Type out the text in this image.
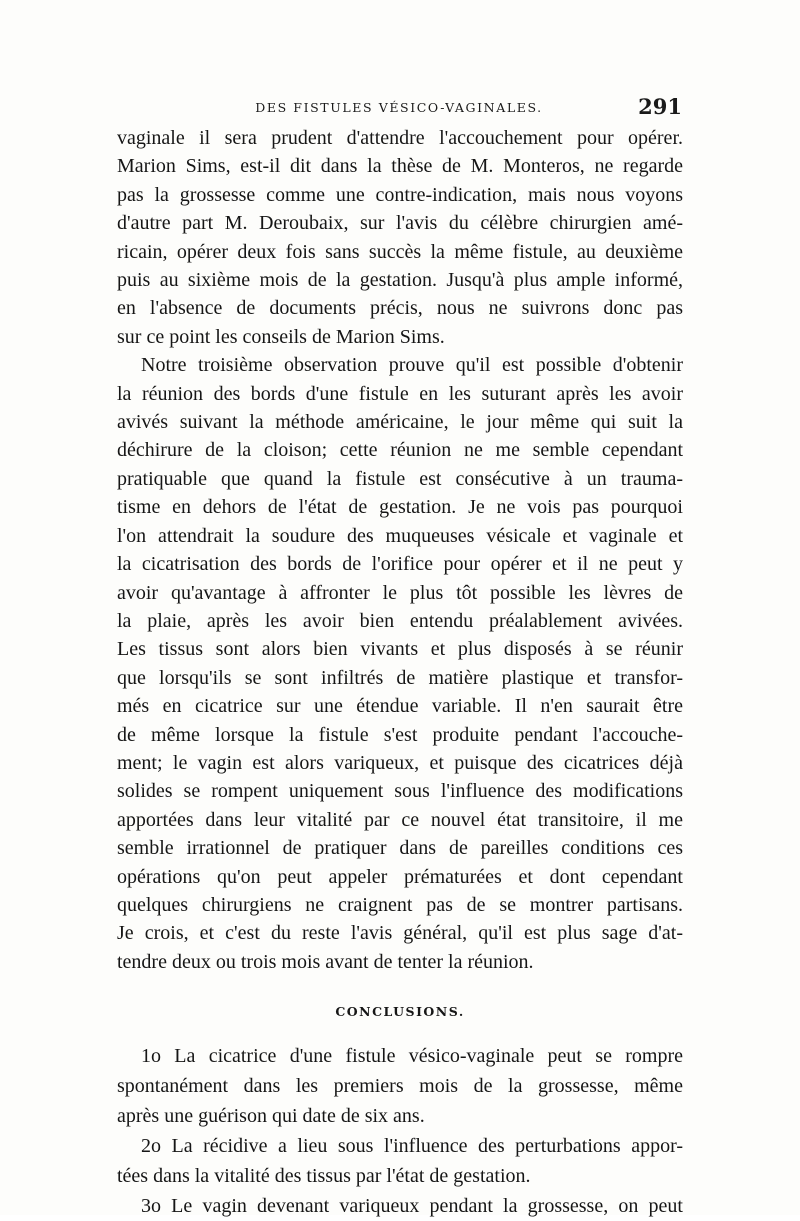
DES FISTULES VÉSICO-VAGINALES.	291
vaginale il sera prudent d'attendre l'accouchement pour opérer.
Marion Sims, est-il dit dans la thèse de M. Monteros, ne regarde
pas la grossesse comme une contre-indication, mais nous voyons
d'autre part M. Deroubaix, sur l'avis du célèbre chirurgien amé-
ricain, opérer deux fois sans succès la même fistule, au deuxième
puis au sixième mois de la gestation. Jusqu'à plus ample informé,
en l'absence de documents précis, nous ne suivrons donc pas
sur ce point les conseils de Marion Sims.
Notre troisième observation prouve qu'il est possible d'obtenir
la réunion des bords d'une fistule en les suturant après les avoir
avivés suivant la méthode américaine, le jour même qui suit la
déchirure de la cloison; cette réunion ne me semble cependant
pratiquable que quand la fistule est consécutive à un trauma-
tisme en dehors de l'état de gestation. Je ne vois pas pourquoi
l'on attendrait la soudure des muqueuses vésicale et vaginale et
la cicatrisation des bords de l'orifice pour opérer et il ne peut y
avoir qu'avantage à affronter le plus tôt possible les lèvres de
la plaie, après les avoir bien entendu préalablement avivées.
Les tissus sont alors bien vivants et plus disposés à se réunir
que lorsqu'ils se sont infiltrés de matière plastique et transfor-
més en cicatrice sur une étendue variable. Il n'en saurait être
de même lorsque la fistule s'est produite pendant l'accouche-
ment; le vagin est alors variqueux, et puisque des cicatrices déjà
solides se rompent uniquement sous l'influence des modifications
apportées dans leur vitalité par ce nouvel état transitoire, il me
semble irrationnel de pratiquer dans de pareilles conditions ces
opérations qu'on peut appeler prématurées et dont cependant
quelques chirurgiens ne craignent pas de se montrer partisans.
Je crois, et c'est du reste l'avis général, qu'il est plus sage d'at-
tendre deux ou trois mois avant de tenter la réunion.
CONCLUSIONS.
1o La cicatrice d'une fistule vésico-vaginale peut se rompre
spontanément dans les premiers mois de la grossesse, même
après une guérison qui date de six ans.
2o La récidive a lieu sous l'influence des perturbations appor-
tées dans la vitalité des tissus par l'état de gestation.
3o Le vagin devenant variqueux pendant la grossesse, on peut
